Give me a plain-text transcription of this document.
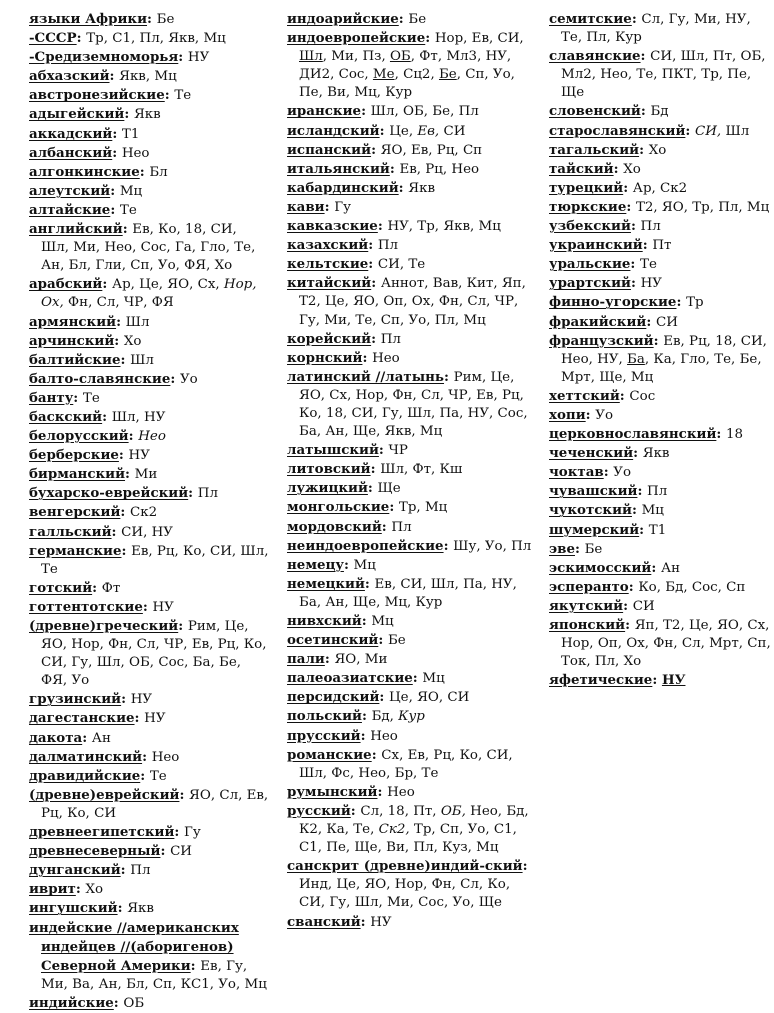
языки Африки: Бе

-СССР: Тр, С1, Пл, Якв, Мц

-Средиземноморья: НУ

абхазский: Якв, Мц

австронезийские: Те

адыгейский: Якв

аккадский: Т1

албанский: Нео

алгонкинские: Бл

алеутский: Мц

алтайские: Те

английский: Ев, Ко, 18, СИ, Шл, Ми, Нео, Сос, Га, Гло, Те, Ан, Бл, Гли, Сп, Уо, ФЯ, Хо

арабский: Ар, Це, ЯО, Сх, Нор, Ох, Фн, Сл, ЧР, ФЯ

армянский: Шл

арчинский: Хо

балтийские: Шл

балто-славянские: Уо

банту: Те

баскский: Шл, НУ

белорусский: Нео

берберские: НУ

бирманский: Ми

бухарско-еврейский: Пл

венгерский: Ск2

галльский: СИ, НУ

германские: Ев, Рц, Ко, СИ, Шл, Те

готский: Фт

готтентотские: НУ

(древне)греческий: Рим, Це, ЯО, Нор, Фн, Сл, ЧР, Ев, Рц, Ко, СИ, Гу, Шл, ОБ, Сос, Ба, Бе, ФЯ, Уо

грузинский: НУ

дагестанские: НУ

дакота: Ан

далматинский: Нео

дравидийские: Те

(древне)еврейский: ЯО, Сл, Ев, Рц, Ко, СИ

древнеегипетский: Гу

древнесеверный: СИ

дунганский: Пл

иврит: Хо

ингушский: Якв

индейские //американских индейцев //(аборигенов) Северной Америки: Ев, Гу, Ми, Ва, Ан, Бл, Сп, КС1, Уо, Мц

индийские: ОБ

индоарийские: Бе

индоевропейские: Нор, Ев, СИ, Шл, Ми, Пз, ОБ, Фт, Мл3, НУ, ДИ2, Сос, Ме, Сц2, Бе, Сп, Уо, Пе, Ви, Мц, Кур

иранские: Шл, ОБ, Бе, Пл

исландский: Це, Ев, СИ

испанский: ЯО, Ев, Рц, Сп

итальянский: Ев, Рц, Нео

кабардинский: Якв

кави: Гу

кавказские: НУ, Тр, Якв, Мц

казахский: Пл

кельтские: СИ, Те

китайский: Аннот, Вав, Кит, Яп, Т2, Це, ЯО, Оп, Ох, Фн, Сл, ЧР, Гу, Ми, Те, Сп, Уо, Пл, Мц

корейский: Пл

корнский: Нео

латинский //латынь: Рим, Це, ЯО, Сх, Нор, Фн, Сл, ЧР, Ев, Рц, Ко, 18, СИ, Гу, Шл, Па, НУ, Сос, Ба, Ан, Ще, Якв, Мц

латышский: ЧР

литовский: Шл, Фт, Кш

лужицкий: Ще

монгольские: Тр, Мц

мордовский: Пл

неиндоевропейские: Шу, Уо, Пл

немецу: Мц

немецкий: Ев, СИ, Шл, Па, НУ, Ба, Ан, Ще, Мц, Кур

нивхский: Мц

осетинский: Бе

пали: ЯО, Ми

палеоазиатские: Мц

персидский: Це, ЯО, СИ

польский: Бд, Кур

прусский: Нео

романские: Сх, Ев, Рц, Ко, СИ, Шл, Фс, Нео, Бр, Те

румынский: Нео

русский: Сл, 18, Пт, ОБ, Нео, Бд, К2, Ка, Те, Ск2, Тр, Сп, Уо, С1, С1, Пе, Ще, Ви, Пл, Куз, Мц

санскрит (древне)индий-ский: Инд, Це, ЯО, Нор, Фн, Сл, Ко, СИ, Гу, Шл, Ми, Сос, Уо, Ще

сванский: НУ

семитские: Сл, Гу, Ми, НУ, Те, Пл, Кур

славянские: СИ, Шл, Пт, ОБ, Мл2, Нео, Те, ПКТ, Тр, Пе, Ще

словенский: Бд

старославянский: СИ, Шл

тагальский: Хо

тайский: Хо

турецкий: Ар, Ск2

тюркские: Т2, ЯО, Тр, Пл, Мц

узбекский: Пл

украинский: Пт

уральские: Те

урартский: НУ

финно-угорские: Тр

фракийский: СИ

французский: Ев, Рц, 18, СИ, Нео, НУ, Ба, Ка, Гло, Те, Бе, Мрт, Ще, Мц

хеттский: Сос

хопи: Уо

церковнославянский: 18

чеченский: Якв

чоктав: Уо

чувашский: Пл

чукотский: Мц

шумерский: Т1

эве: Бе

эскимосский: Ан

эсперанто: Ко, Бд, Сос, Сп

якутский: СИ

японский: Яп, Т2, Це, ЯО, Сх, Нор, Оп, Ох, Фн, Сл, Мрт, Сп, Ток, Пл, Хо

яфетические: НУ
